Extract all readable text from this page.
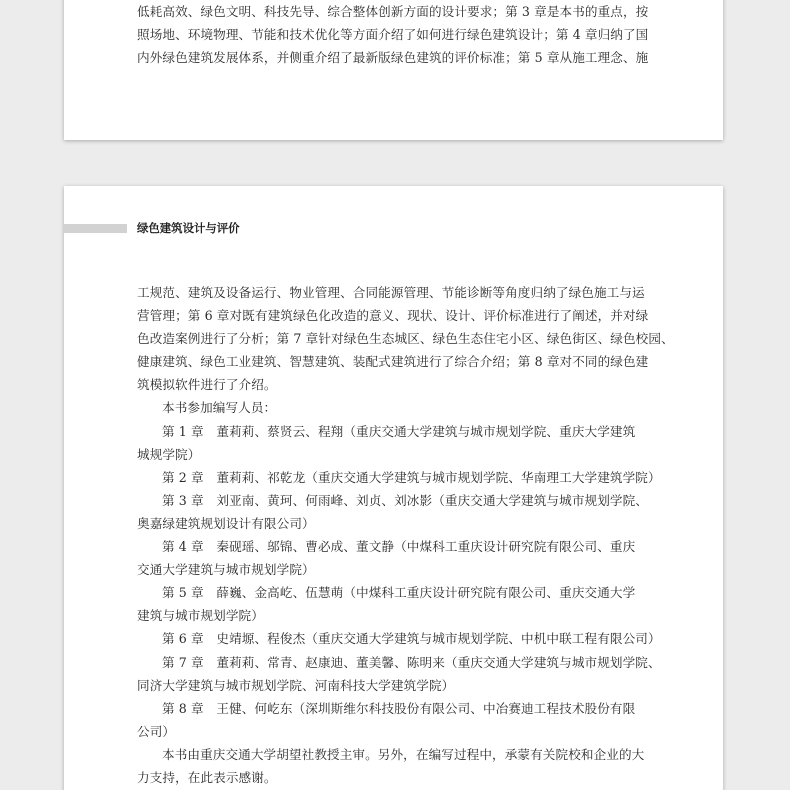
低耗高效、绿色文明、科技先导、综合整体创新方面的设计要求；第 3 章是本书的重点，按

照场地、环境物理、节能和技术优化等方面介绍了如何进行绿色建筑设计；第 4 章归纳了国

内外绿色建筑发展体系，并侧重介绍了最新版绿色建筑的评价标准；第 5 章从施工理念、施

绿色建筑设计与评价

工规范、建筑及设备运行、物业管理、合同能源管理、节能诊断等角度归纳了绿色施工与运

营管理；第 6 章对既有建筑绿色化改造的意义、现状、设计、评价标准进行了阐述，并对绿

色改造案例进行了分析；第 7 章针对绿色生态城区、绿色生态住宅小区、绿色街区、绿色校园、

健康建筑、绿色工业建筑、智慧建筑、装配式建筑进行了综合介绍；第 8 章对不同的绿色建

筑模拟软件进行了介绍。

本书参加编写人员：

第 1 章　董莉莉、蔡贤云、程翔（重庆交通大学建筑与城市规划学院、重庆大学建筑

城规学院）

第 2 章　董莉莉、祁乾龙（重庆交通大学建筑与城市规划学院、华南理工大学建筑学院）

第 3 章　刘亚南、黄珂、何雨峰、刘贞、刘冰影（重庆交通大学建筑与城市规划学院、

奥嘉绿建筑规划设计有限公司）

第 4 章　秦砚瑶、邬锦、曹必成、董文静（中煤科工重庆设计研究院有限公司、重庆

交通大学建筑与城市规划学院）

第 5 章　薛巍、金高屹、伍慧萌（中煤科工重庆设计研究院有限公司、重庆交通大学

建筑与城市规划学院）

第 6 章　史靖塬、程俊杰（重庆交通大学建筑与城市规划学院、中机中联工程有限公司）

第 7 章　董莉莉、常青、赵康迪、董美馨、陈明来（重庆交通大学建筑与城市规划学院、

同济大学建筑与城市规划学院、河南科技大学建筑学院）

第 8 章　王健、何屹东（深圳斯维尔科技股份有限公司、中冶赛迪工程技术股份有限

公司）

本书由重庆交通大学胡望社教授主审。另外，在编写过程中，承蒙有关院校和企业的大

力支持，在此表示感谢。
